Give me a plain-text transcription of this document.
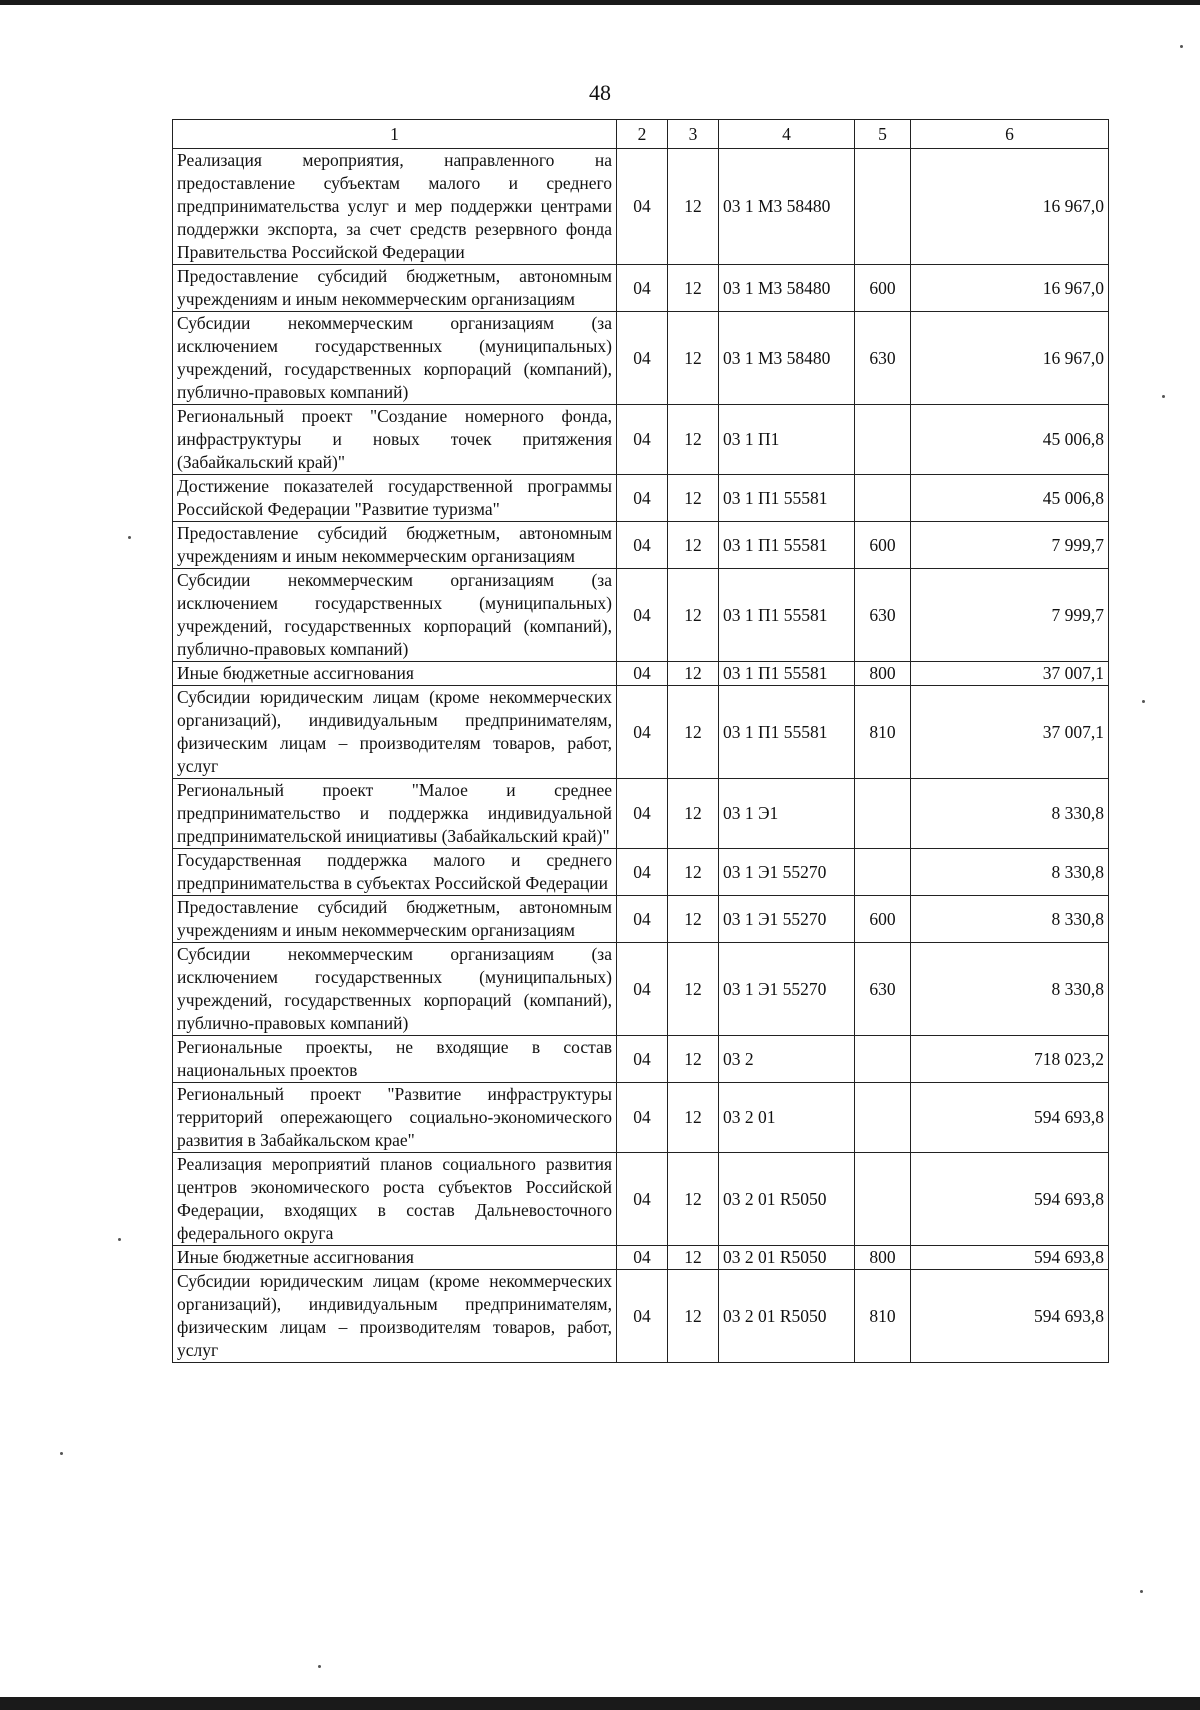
48
1	2	3	4	5	6
Реализация мероприятия, направленного на предоставление субъектам малого и среднего предпринимательства услуг и мер поддержки центрами поддержки экспорта, за счет средств резервного фонда Правительства Российской Федерации	04	12	03 1 М3 58480		16 967,0
Предоставление субсидий бюджетным, автономным учреждениям и иным некоммерческим организациям	04	12	03 1 М3 58480	600	16 967,0
Субсидии некоммерческим организациям (за исключением государственных (муниципальных) учреждений, государственных корпораций (компаний), публично-правовых компаний)	04	12	03 1 М3 58480	630	16 967,0
Региональный проект "Создание номерного фонда, инфраструктуры и новых точек притяжения (Забайкальский край)"	04	12	03 1 П1		45 006,8
Достижение показателей государственной программы Российской Федерации "Развитие туризма"	04	12	03 1 П1 55581		45 006,8
Предоставление субсидий бюджетным, автономным учреждениям и иным некоммерческим организациям	04	12	03 1 П1 55581	600	7 999,7
Субсидии некоммерческим организациям (за исключением государственных (муниципальных) учреждений, государственных корпораций (компаний), публично-правовых компаний)	04	12	03 1 П1 55581	630	7 999,7
Иные бюджетные ассигнования	04	12	03 1 П1 55581	800	37 007,1
Субсидии юридическим лицам (кроме некоммерческих организаций), индивидуальным предпринимателям, физическим лицам – производителям товаров, работ, услуг	04	12	03 1 П1 55581	810	37 007,1
Региональный проект "Малое и среднее предпринимательство и поддержка индивидуальной предпринимательской инициативы (Забайкальский край)"	04	12	03 1 Э1		8 330,8
Государственная поддержка малого и среднего предпринимательства в субъектах Российской Федерации	04	12	03 1 Э1 55270		8 330,8
Предоставление субсидий бюджетным, автономным учреждениям и иным некоммерческим организациям	04	12	03 1 Э1 55270	600	8 330,8
Субсидии некоммерческим организациям (за исключением государственных (муниципальных) учреждений, государственных корпораций (компаний), публично-правовых компаний)	04	12	03 1 Э1 55270	630	8 330,8
Региональные проекты, не входящие в состав национальных проектов	04	12	03 2		718 023,2
Региональный проект "Развитие инфраструктуры территорий опережающего социально-экономического развития в Забайкальском крае"	04	12	03 2 01		594 693,8
Реализация мероприятий планов социального развития центров экономического роста субъектов Российской Федерации, входящих в состав Дальневосточного федерального округа	04	12	03 2 01 R5050		594 693,8
Иные бюджетные ассигнования	04	12	03 2 01 R5050	800	594 693,8
Субсидии юридическим лицам (кроме некоммерческих организаций), индивидуальным предпринимателям, физическим лицам – производителям товаров, работ, услуг	04	12	03 2 01 R5050	810	594 693,8
